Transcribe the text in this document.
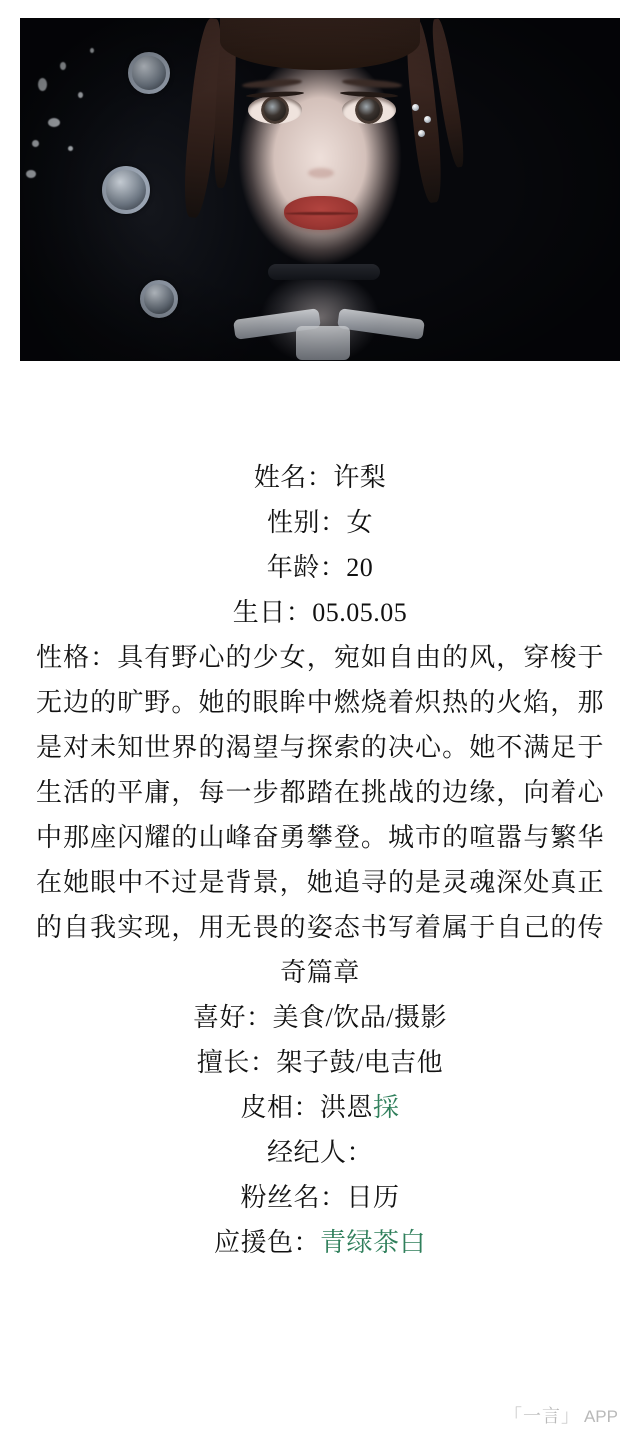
姓名：许梨
性别：女
年龄：20
生日：05.05.05
性格：具有野心的少女，宛如自由的风，穿梭于无边的旷野。她的眼眸中燃烧着炽热的火焰，那是对未知世界的渴望与探索的决心。她不满足于生活的平庸，每一步都踏在挑战的边缘，向着心中那座闪耀的山峰奋勇攀登。城市的喧嚣与繁华在她眼中不过是背景，她追寻的是灵魂深处真正的自我实现，用无畏的姿态书写着属于自己的传奇篇章
喜好：美食/饮品/摄影
擅长：架子鼓/电吉他
皮相：洪恩採
经纪人：
粉丝名：日历
应援色：青绿茶白
「一言」 APP
